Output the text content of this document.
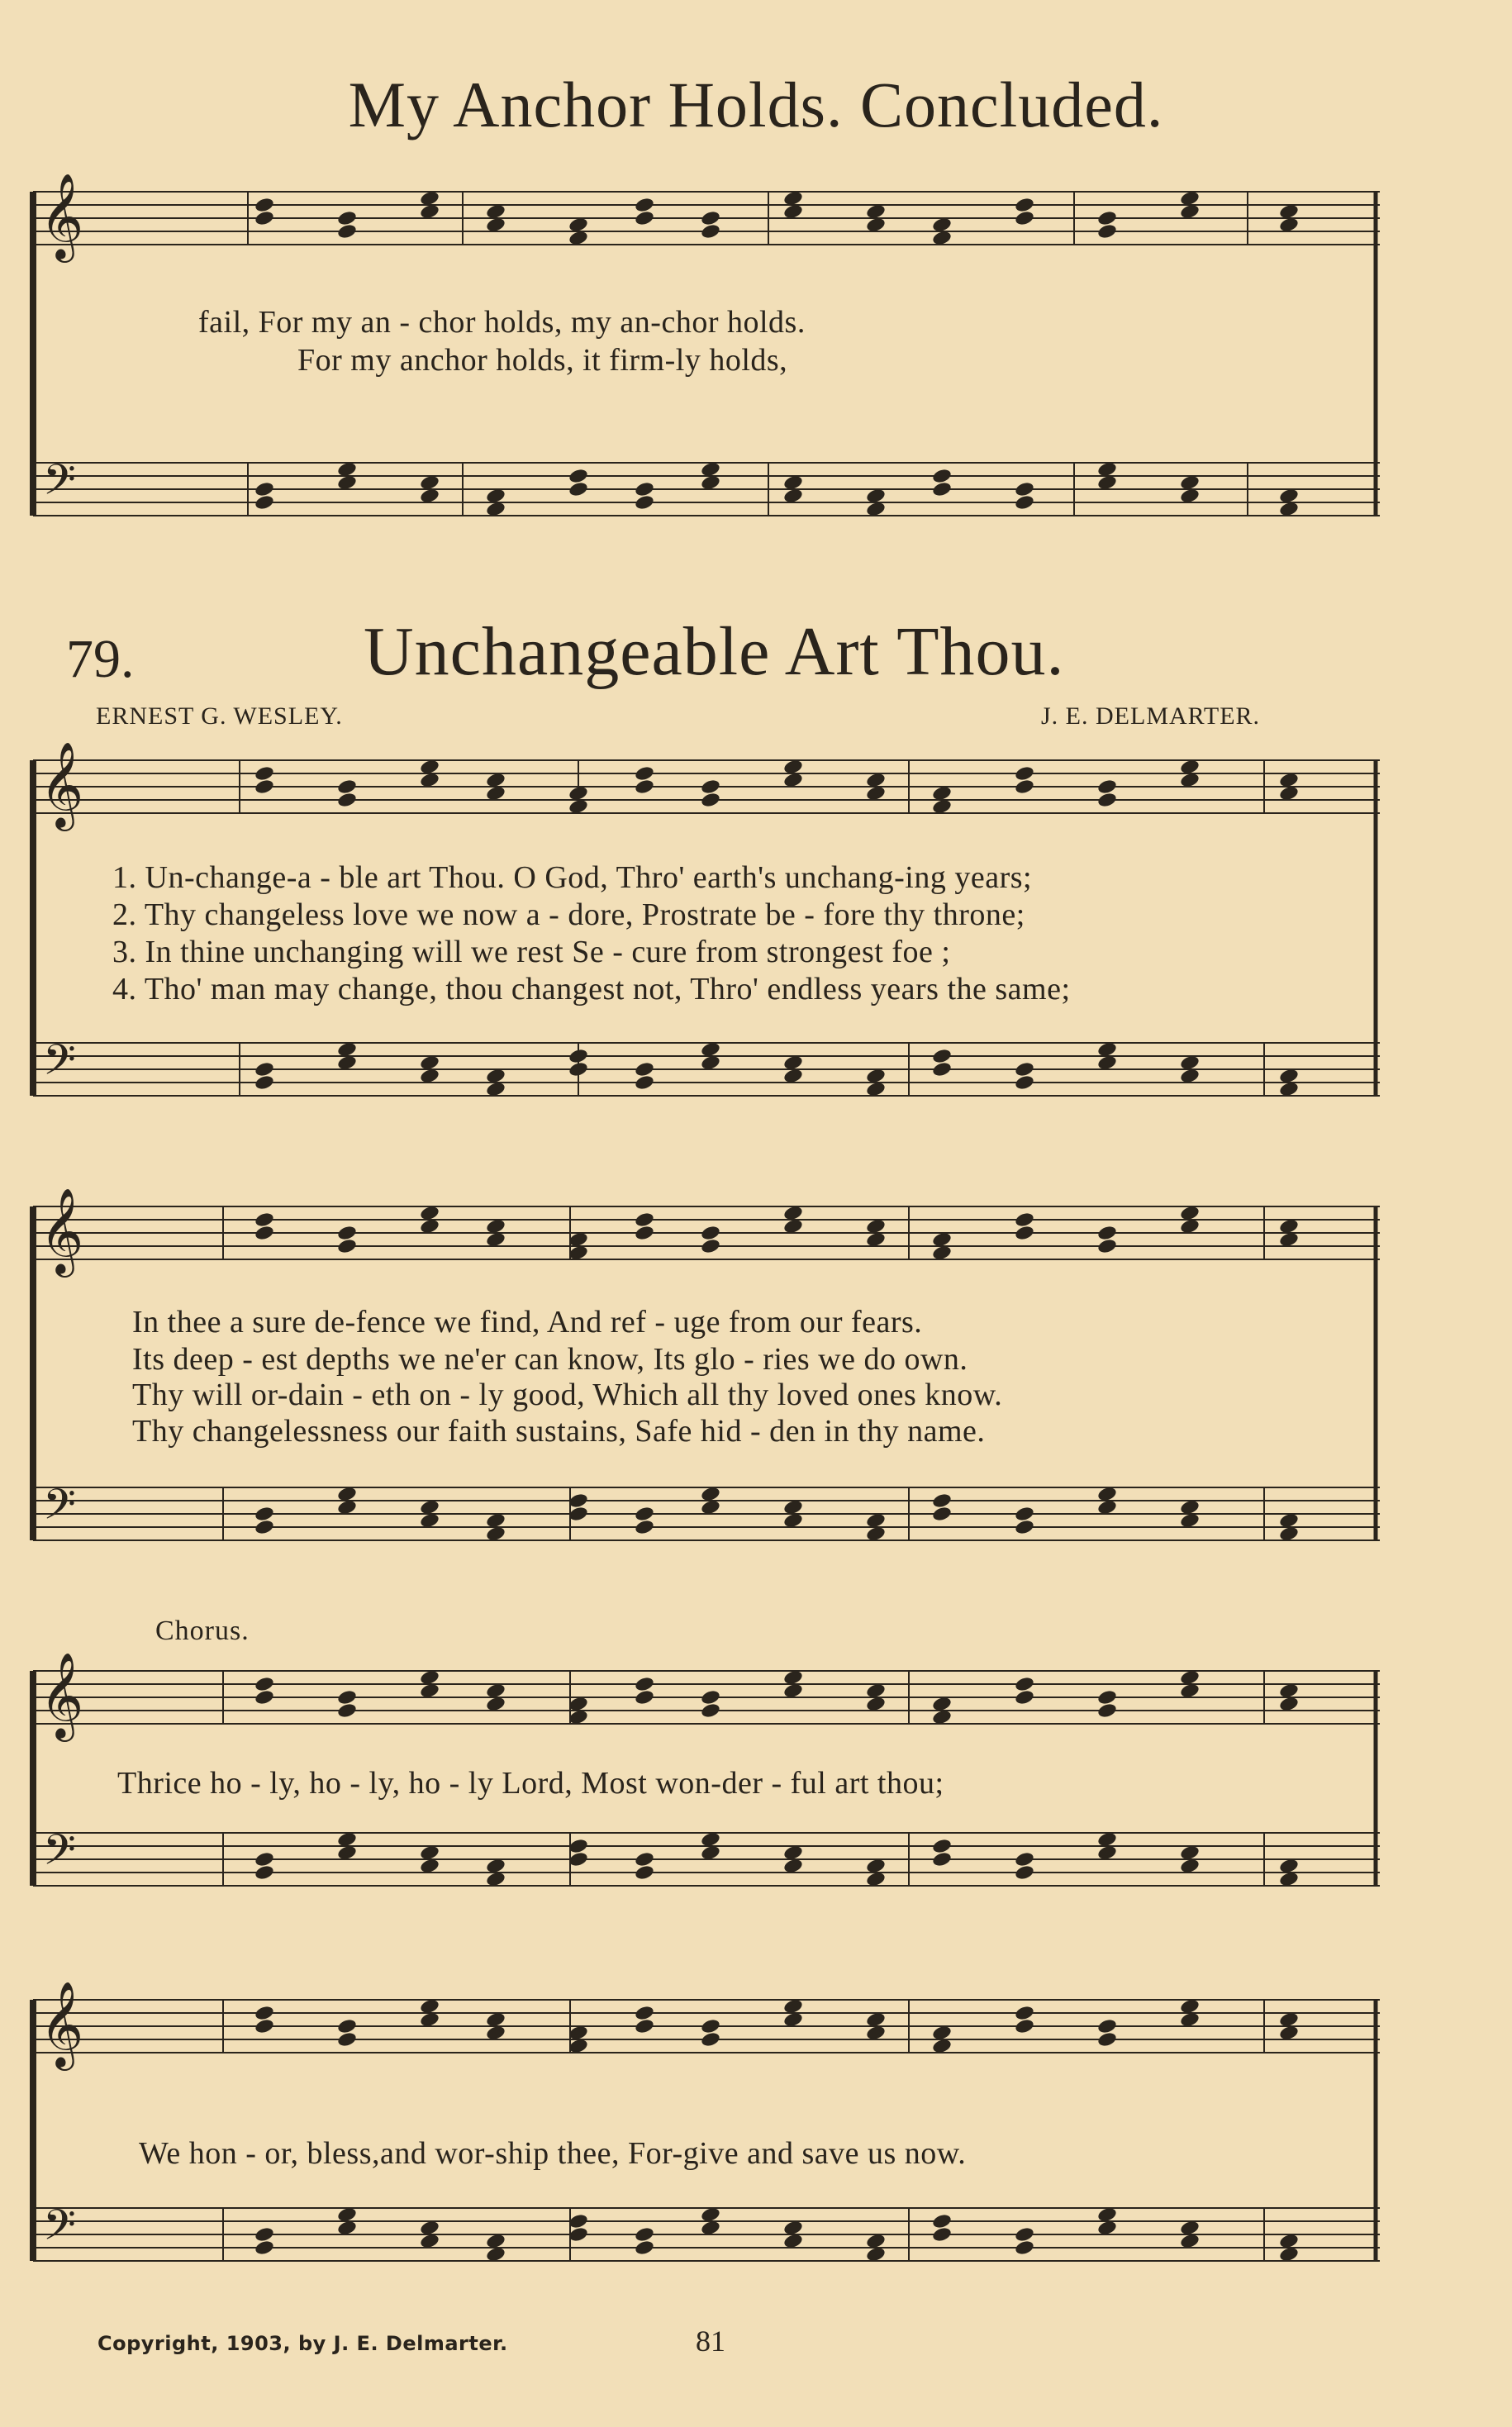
𝄞
𝄢
𝄞
𝄢
𝄞
𝄢
𝄞
𝄢
𝄞
𝄢
My Anchor Holds. Concluded.
79.	Unchangeable Art Thou.
ERNEST G. WESLEY.	J. E. DELMARTER.
fail, For my an - chor holds, my an-chor holds.
For my anchor holds, it firm-ly holds,
1. Un-change-a - ble art Thou. O God, Thro' earth's unchang-ing years;
2. Thy changeless love we now a - dore, Prostrate be - fore thy throne;
3. In thine unchanging will we rest Se - cure from strongest foe ;
4. Tho' man may change, thou changest not, Thro' endless years the same;
In thee a sure de-fence we find, And ref - uge from our fears.
Its deep - est depths we ne'er can know, Its glo - ries we do own.
Thy will or-dain - eth on - ly good, Which all thy loved ones know.
Thy changelessness our faith sustains, Safe hid - den in thy name.
Chorus.
Thrice ho - ly, ho - ly, ho - ly Lord, Most won-der - ful art thou;
We hon - or, bless,and wor-ship thee, For-give and save us now.
Copyright, 1903, by J. E. Delmarter.	81
